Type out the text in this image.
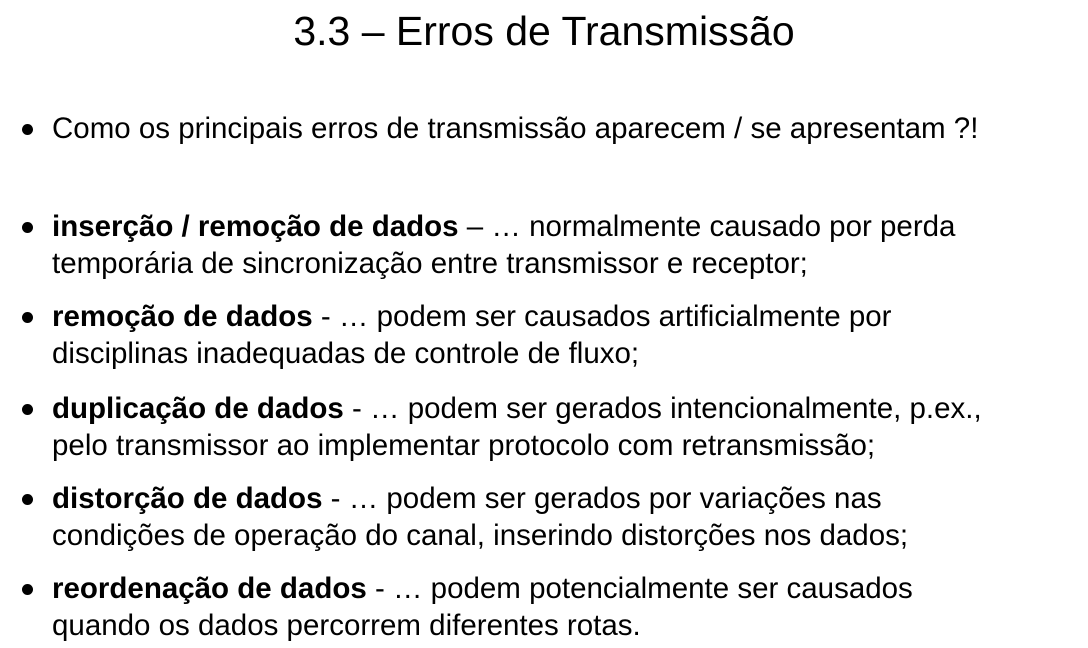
3.3 – Erros de Transmissão
Como os principais erros de transmissão aparecem / se apresentam ?!
inserção / remoção de dados – … normalmente causado por perda
temporária de sincronização entre transmissor e receptor;
remoção de dados - … podem ser causados artificialmente por
disciplinas inadequadas de controle de fluxo;
duplicação de dados - … podem ser gerados intencionalmente, p.ex.,
pelo transmissor ao implementar protocolo com retransmissão;
distorção de dados - … podem ser gerados por variações nas
condições de operação do canal, inserindo distorções nos dados;
reordenação de dados - … podem potencialmente ser causados
quando os dados percorrem diferentes rotas.
